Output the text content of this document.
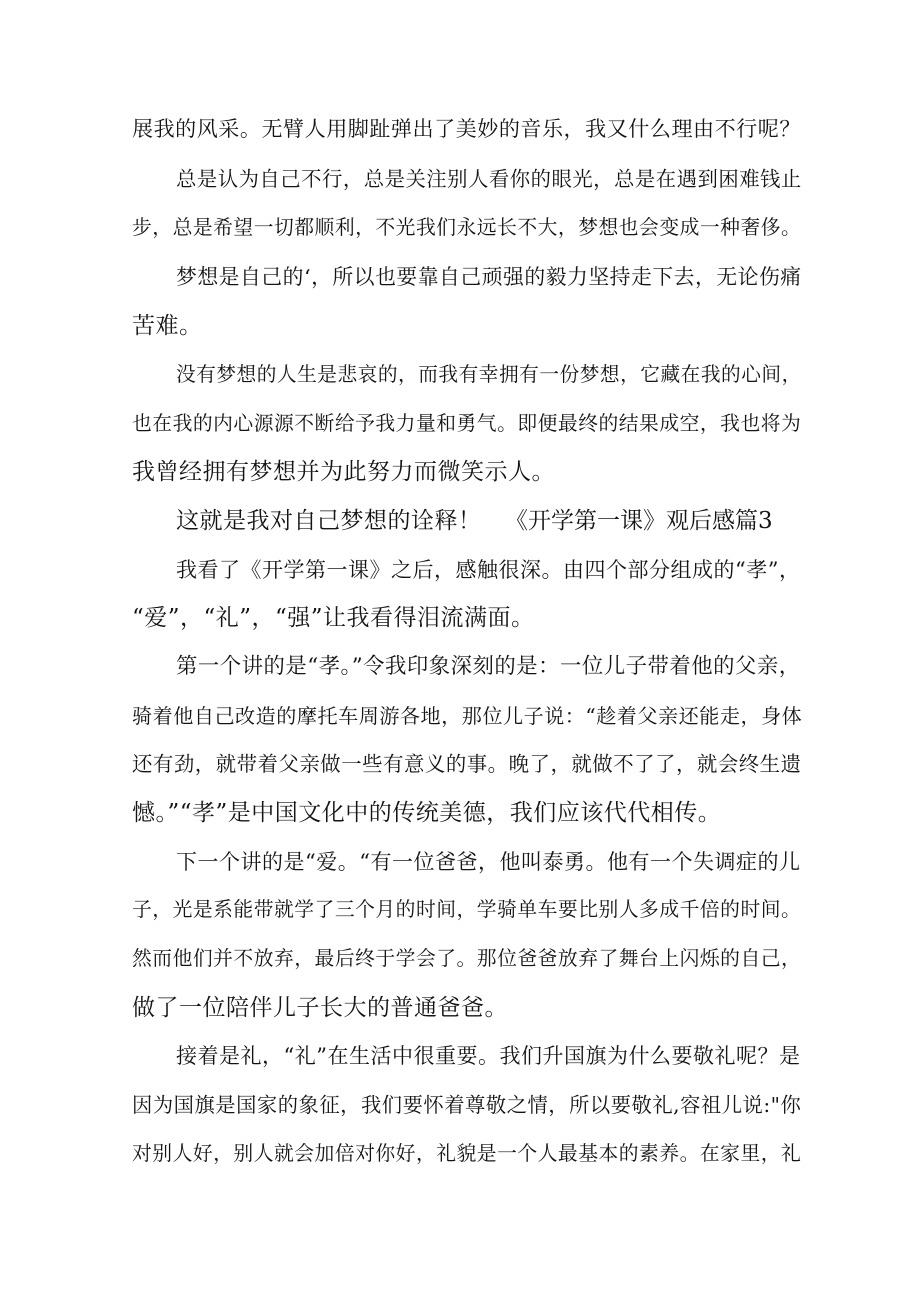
展我的风采。无臂人用脚趾弹出了美妙的音乐，我又什么理由不行呢？
总是认为自己不行，总是关注别人看你的眼光，总是在遇到困难钱止
步，总是希望一切都顺利，不光我们永远长不大，梦想也会变成一种奢侈。
梦想是自己的‘，所以也要靠自己顽强的毅力坚持走下去，无论伤痛
苦难。
没有梦想的人生是悲哀的，而我有幸拥有一份梦想，它藏在我的心间，
也在我的内心源源不断给予我力量和勇气。即便最终的结果成空，我也将为
我曾经拥有梦想并为此努力而微笑示人。
这就是我对自己梦想的诠释！ 《开学第一课》观后感篇3
我看了《开学第一课》之后，感触很深。由四个部分组成的“孝”，
“爱”，“礼”，“强”让我看得泪流满面。
第一个讲的是“孝。”令我印象深刻的是：一位儿子带着他的父亲，
骑着他自己改造的摩托车周游各地，那位儿子说：“趁着父亲还能走，身体
还有劲，就带着父亲做一些有意义的事。晚了，就做不了了，就会终生遗
憾。”“孝”是中国文化中的传统美德，我们应该代代相传。
下一个讲的是“爱。“有一位爸爸，他叫泰勇。他有一个失调症的儿
子，光是系能带就学了三个月的时间，学骑单车要比别人多成千倍的时间。
然而他们并不放弃，最后终于学会了。那位爸爸放弃了舞台上闪烁的自己，
做了一位陪伴儿子长大的普通爸爸。
接着是礼，“礼”在生活中很重要。我们升国旗为什么要敬礼呢？是
因为国旗是国家的象征，我们要怀着尊敬之情，所以要敬礼,容祖儿说:"你
对别人好，别人就会加倍对你好，礼貌是一个人最基本的素养。在家里，礼
